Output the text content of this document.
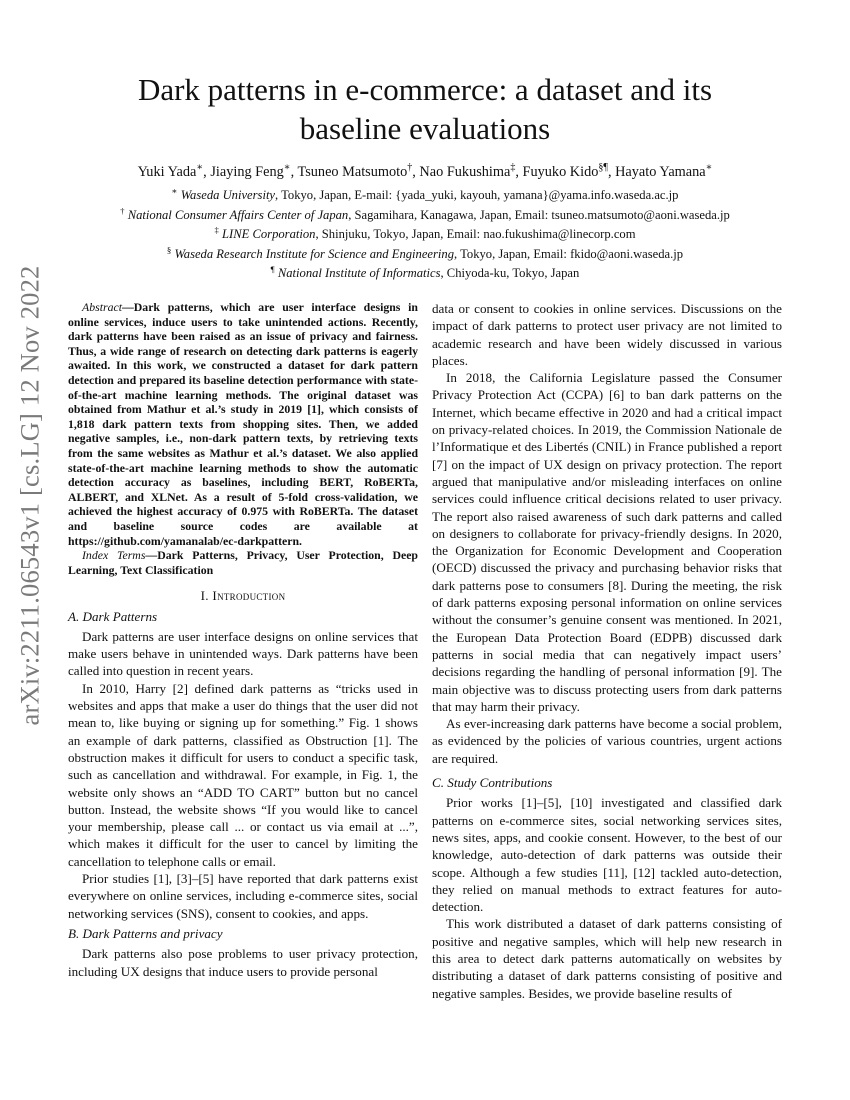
arXiv:2211.06543v1 [cs.LG] 12 Nov 2022
Dark patterns in e-commerce: a dataset and its
baseline evaluations
Yuki Yada∗, Jiaying Feng∗, Tsuneo Matsumoto†, Nao Fukushima‡, Fuyuko Kido§¶, Hayato Yamana∗
∗ Waseda University, Tokyo, Japan, E-mail: {yada_yuki, kayouh, yamana}@yama.info.waseda.ac.jp
† National Consumer Affairs Center of Japan, Sagamihara, Kanagawa, Japan, Email: tsuneo.matsumoto@aoni.waseda.jp
‡ LINE Corporation, Shinjuku, Tokyo, Japan, Email: nao.fukushima@linecorp.com
§ Waseda Research Institute for Science and Engineering, Tokyo, Japan, Email: fkido@aoni.waseda.jp
¶ National Institute of Informatics, Chiyoda-ku, Tokyo, Japan

Abstract—Dark patterns, which are user interface designs in online services, induce users to take unintended actions. Recently, dark patterns have been raised as an issue of privacy and fairness. Thus, a wide range of research on detecting dark patterns is eagerly awaited. In this work, we constructed a dataset for dark pattern detection and prepared its baseline detection performance with state-of-the-art machine learning methods. The original dataset was obtained from Mathur et al.’s study in 2019 [1], which consists of 1,818 dark pattern texts from shopping sites. Then, we added negative samples, i.e., non-dark pattern texts, by retrieving texts from the same websites as Mathur et al.’s dataset. We also applied state-of-the-art machine learning methods to show the automatic detection accuracy as baselines, including BERT, RoBERTa, ALBERT, and XLNet. As a result of 5-fold cross-validation, we achieved the highest accuracy of 0.975 with RoBERTa. The dataset and baseline source codes are available at https://github.com/yamanalab/ec-darkpattern.

Index Terms—Dark Patterns, Privacy, User Protection, Deep Learning, Text Classification

I. Introduction
A. Dark Patterns

Dark patterns are user interface designs on online services that make users behave in unintended ways. Dark patterns have been called into question in recent years.

In 2010, Harry [2] defined dark patterns as “tricks used in websites and apps that make a user do things that the user did not mean to, like buying or signing up for something.” Fig. 1 shows an example of dark patterns, classified as Obstruction [1]. The obstruction makes it difficult for users to conduct a specific task, such as cancellation and withdrawal. For example, in Fig. 1, the website only shows an “ADD TO CART” button but no cancel button. Instead, the website shows “If you would like to cancel your membership, please call ... or contact us via email at ...”, which makes it difficult for the user to cancel by limiting the cancellation to telephone calls or email.

Prior studies [1], [3]–[5] have reported that dark patterns exist everywhere on online services, including e-commerce sites, social networking services (SNS), consent to cookies, and apps.

B. Dark Patterns and privacy

Dark patterns also pose problems to user privacy protection, including UX designs that induce users to provide personal

data or consent to cookies in online services. Discussions on the impact of dark patterns to protect user privacy are not limited to academic research and have been widely discussed in various places.

In 2018, the California Legislature passed the Consumer Privacy Protection Act (CCPA) [6] to ban dark patterns on the Internet, which became effective in 2020 and had a critical impact on privacy-related choices. In 2019, the Commission Nationale de l’Informatique et des Libertés (CNIL) in France published a report [7] on the impact of UX design on privacy protection. The report argued that manipulative and/or misleading interfaces on online services could influence critical decisions related to user privacy. The report also raised awareness of such dark patterns and called on designers to collaborate for privacy-friendly designs. In 2020, the Organization for Economic Development and Cooperation (OECD) discussed the privacy and purchasing behavior risks that dark patterns pose to consumers [8]. During the meeting, the risk of dark patterns exposing personal information on online services without the consumer’s genuine consent was mentioned. In 2021, the European Data Protection Board (EDPB) discussed dark patterns in social media that can negatively impact users’ decisions regarding the handling of personal information [9]. The main objective was to discuss protecting users from dark patterns that may harm their privacy.

As ever-increasing dark patterns have become a social problem, as evidenced by the policies of various countries, urgent actions are required.

C. Study Contributions

Prior works [1]–[5], [10] investigated and classified dark patterns on e-commerce sites, social networking services sites, news sites, apps, and cookie consent. However, to the best of our knowledge, auto-detection of dark patterns was outside their scope. Although a few studies [11], [12] tackled auto-detection, they relied on manual methods to extract features for auto-detection.

This work distributed a dataset of dark patterns consisting of positive and negative samples, which will help new research in this area to detect dark patterns automatically on websites by distributing a dataset of dark patterns consisting of positive and negative samples. Besides, we provide baseline results of
